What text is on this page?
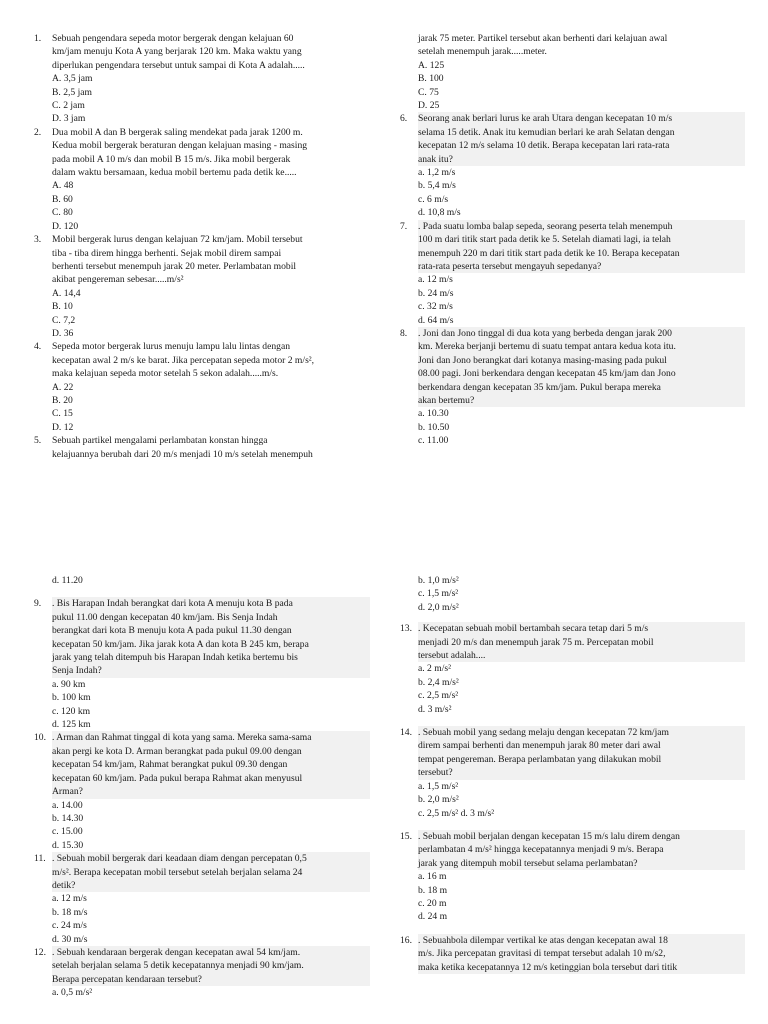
1. Sebuah pengendara sepeda motor bergerak dengan kelajuan 60
km/jam menuju Kota A yang berjarak 120 km. Maka waktu yang
diperlukan pengendara tersebut untuk sampai di Kota A adalah.....
A. 3,5 jam
B. 2,5 jam
C. 2 jam
D. 3 jam
2. Dua mobil A dan B bergerak saling mendekat pada jarak 1200 m.
Kedua mobil bergerak beraturan dengan kelajuan masing - masing
pada mobil A 10 m/s dan mobil B 15 m/s. Jika mobil bergerak
dalam waktu bersamaan, kedua mobil bertemu pada detik ke.....
A. 48
B. 60
C. 80
D. 120
3. Mobil bergerak lurus dengan kelajuan 72 km/jam. Mobil tersebut
tiba - tiba direm hingga berhenti. Sejak mobil direm sampai
berhenti tersebut menempuh jarak 20 meter. Perlambatan mobil
akibat pengereman sebesar.....m/s²
A. 14,4
B. 10
C. 7,2
D. 36
4. Sepeda motor bergerak lurus menuju lampu lalu lintas dengan
kecepatan awal 2 m/s ke barat. Jika percepatan sepeda motor 2 m/s²,
maka kelajuan sepeda motor setelah 5 sekon adalah.....m/s.
A. 22
B. 20
C. 15
D. 12
5. Sebuah partikel mengalami perlambatan konstan hingga
kelajuannya berubah dari 20 m/s menjadi 10 m/s setelah menempuh
jarak 75 meter. Partikel tersebut akan berhenti dari kelajuan awal
setelah menempuh jarak.....meter.
A. 125
B. 100
C. 75
D. 25
6. Seorang anak berlari lurus ke arah Utara dengan kecepatan 10 m/s
selama 15 detik. Anak itu kemudian berlari ke arah Selatan dengan
kecepatan 12 m/s selama 10 detik. Berapa kecepatan lari rata-rata
anak itu?
a. 1,2 m/s
b. 5,4 m/s
c. 6 m/s
d. 10,8 m/s
7. . Pada suatu lomba balap sepeda, seorang peserta telah menempuh
100 m dari titik start pada detik ke 5. Setelah diamati lagi, ia telah
menempuh 220 m dari titik start pada detik ke 10. Berapa kecepatan
rata-rata peserta tersebut mengayuh sepedanya?
a. 12 m/s
b. 24 m/s
c. 32 m/s
d. 64 m/s
8. . Joni dan Jono tinggal di dua kota yang berbeda dengan jarak 200
km. Mereka berjanji bertemu di suatu tempat antara kedua kota itu.
Joni dan Jono berangkat dari kotanya masing-masing pada pukul
08.00 pagi. Joni berkendara dengan kecepatan 45 km/jam dan Jono
berkendara dengan kecepatan 35 km/jam. Pukul berapa mereka
akan bertemu?
a. 10.30
b. 10.50
c. 11.00
d. 11.20
9. . Bis Harapan Indah berangkat dari kota A menuju kota B pada
pukul 11.00 dengan kecepatan 40 km/jam. Bis Senja Indah
berangkat dari kota B menuju kota A pada pukul 11.30 dengan
kecepatan 50 km/jam. Jika jarak kota A dan kota B 245 km, berapa
jarak yang telah ditempuh bis Harapan Indah ketika bertemu bis
Senja Indah?
a. 90 km
b. 100 km
c. 120 km
d. 125 km
10. . Arman dan Rahmat tinggal di kota yang sama. Mereka sama-sama
akan pergi ke kota D. Arman berangkat pada pukul 09.00 dengan
kecepatan 54 km/jam, Rahmat berangkat pukul 09.30 dengan
kecepatan 60 km/jam. Pada pukul berapa Rahmat akan menyusul
Arman?
a. 14.00
b. 14.30
c. 15.00
d. 15.30
11. . Sebuah mobil bergerak dari keadaan diam dengan percepatan 0,5
m/s². Berapa kecepatan mobil tersebut setelah berjalan selama 24
detik?
a. 12 m/s
b. 18 m/s
c. 24 m/s
d. 30 m/s
12. . Sebuah kendaraan bergerak dengan kecepatan awal 54 km/jam.
setelah berjalan selama 5 detik kecepatannya menjadi 90 km/jam.
Berapa percepatan kendaraan tersebut?
a. 0,5 m/s²
b. 1,0 m/s²
c. 1,5 m/s²
d. 2,0 m/s²
13. . Kecepatan sebuah mobil bertambah secara tetap dari 5 m/s
menjadi 20 m/s dan menempuh jarak 75 m. Percepatan mobil
tersebut adalah....
a. 2 m/s²
b. 2,4 m/s²
c. 2,5 m/s²
d. 3 m/s²
14. . Sebuah mobil yang sedang melaju dengan kecepatan 72 km/jam
direm sampai berhenti dan menempuh jarak 80 meter dari awal
tempat pengereman. Berapa perlambatan yang dilakukan mobil
tersebut?
a. 1,5 m/s²
b. 2,0 m/s²
c. 2,5 m/s² d. 3 m/s²
15. . Sebuah mobil berjalan dengan kecepatan 15 m/s lalu direm dengan
perlambatan 4 m/s² hingga kecepatannya menjadi 9 m/s. Berapa
jarak yang ditempuh mobil tersebut selama perlambatan?
a. 16 m
b. 18 m
c. 20 m
d. 24 m
16. . Sebuahbola dilempar vertikal ke atas dengan kecepatan awal 18
m/s. Jika percepatan gravitasi di tempat tersebut adalah 10 m/s2,
maka ketika kecepatannya 12 m/s ketinggian bola tersebut dari titik
